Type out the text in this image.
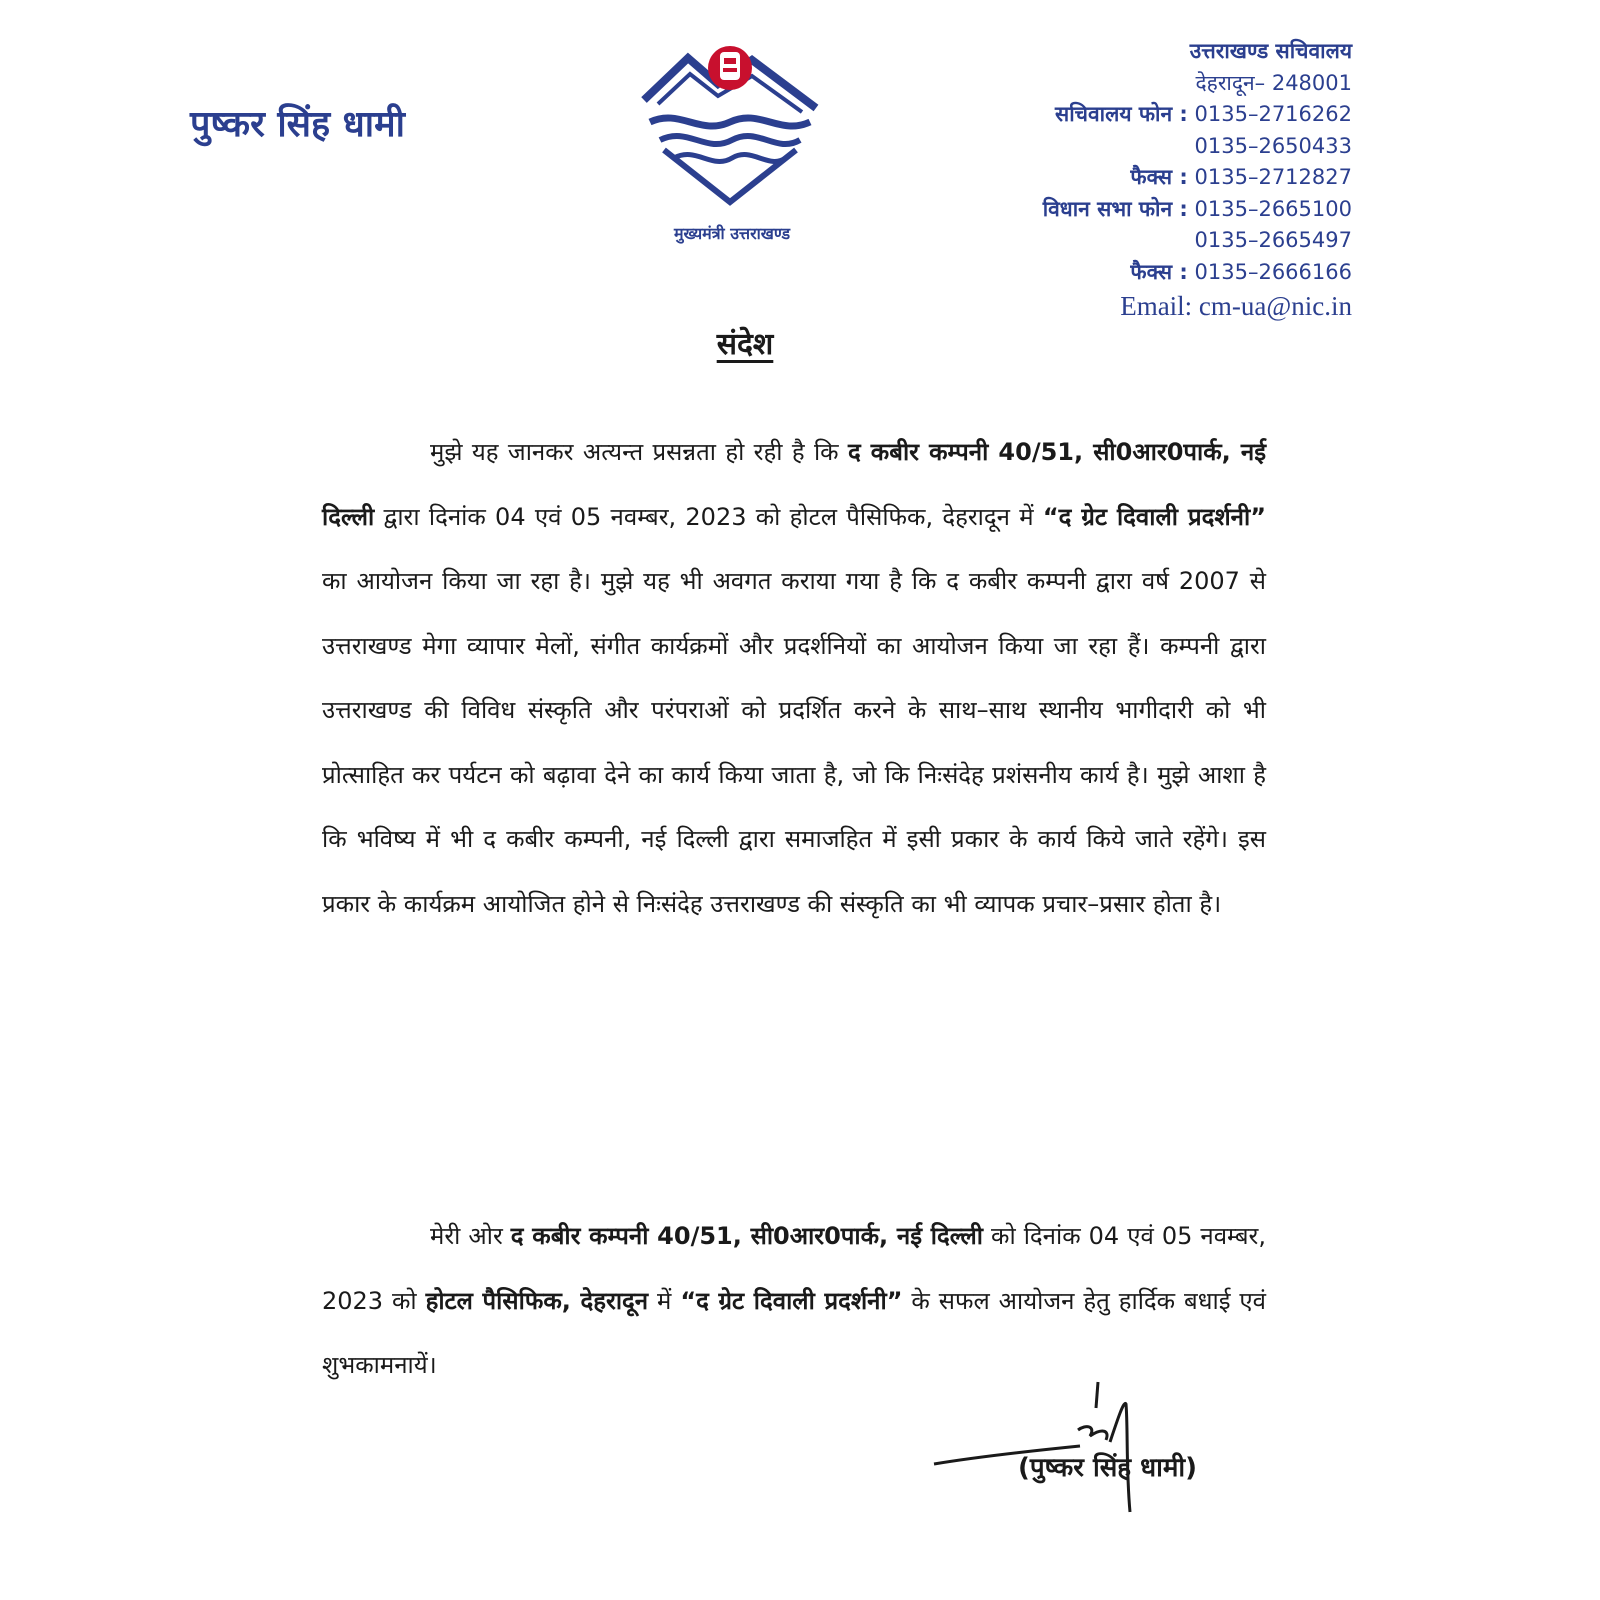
पुष्कर सिंह धामी
मुख्यमंत्री उत्तराखण्ड
उत्तराखण्ड सचिवालय
देहरादून– 248001
सचिवालय फोन : 0135–2716262
0135–2650433
फैक्स : 0135–2712827
विधान सभा फोन : 0135–2665100
0135–2665497
फैक्स : 0135–2666166
Email: cm-ua@nic.in
संदेश

मुझे यह जानकर अत्यन्त प्रसन्नता हो रही है कि द कबीर कम्पनी 40/51, सी0आर0पार्क, नई दिल्ली द्वारा दिनांक 04 एवं 05 नवम्बर, 2023 को होटल पैसिफिक, देहरादून में “द ग्रेट दिवाली प्रदर्शनी” का आयोजन किया जा रहा है। मुझे यह भी अवगत कराया गया है कि द कबीर कम्पनी द्वारा वर्ष 2007 से उत्तराखण्ड मेगा व्यापार मेलों, संगीत कार्यक्रमों और प्रदर्शनियों का आयोजन किया जा रहा हैं। कम्पनी द्वारा उत्तराखण्ड की विविध संस्कृति और परंपराओं को प्रदर्शित करने के साथ–साथ स्थानीय भागीदारी को भी प्रोत्साहित कर पर्यटन को बढ़ावा देने का कार्य किया जाता है, जो कि निःसंदेह प्रशंसनीय कार्य है। मुझे आशा है कि भविष्य में भी द कबीर कम्पनी, नई दिल्ली द्वारा समाजहित में इसी प्रकार के कार्य किये जाते रहेंगे। इस प्रकार के कार्यक्रम आयोजित होने से निःसंदेह उत्तराखण्ड की संस्कृति का भी व्यापक प्रचार–प्रसार होता है।

मेरी ओर द कबीर कम्पनी 40/51, सी0आर0पार्क, नई दिल्ली को दिनांक 04 एवं 05 नवम्बर, 2023 को होटल पैसिफिक, देहरादून में “द ग्रेट दिवाली प्रदर्शनी” के सफल आयोजन हेतु हार्दिक बधाई एवं शुभकामनायें।

(पुष्कर सिंह धामी)
